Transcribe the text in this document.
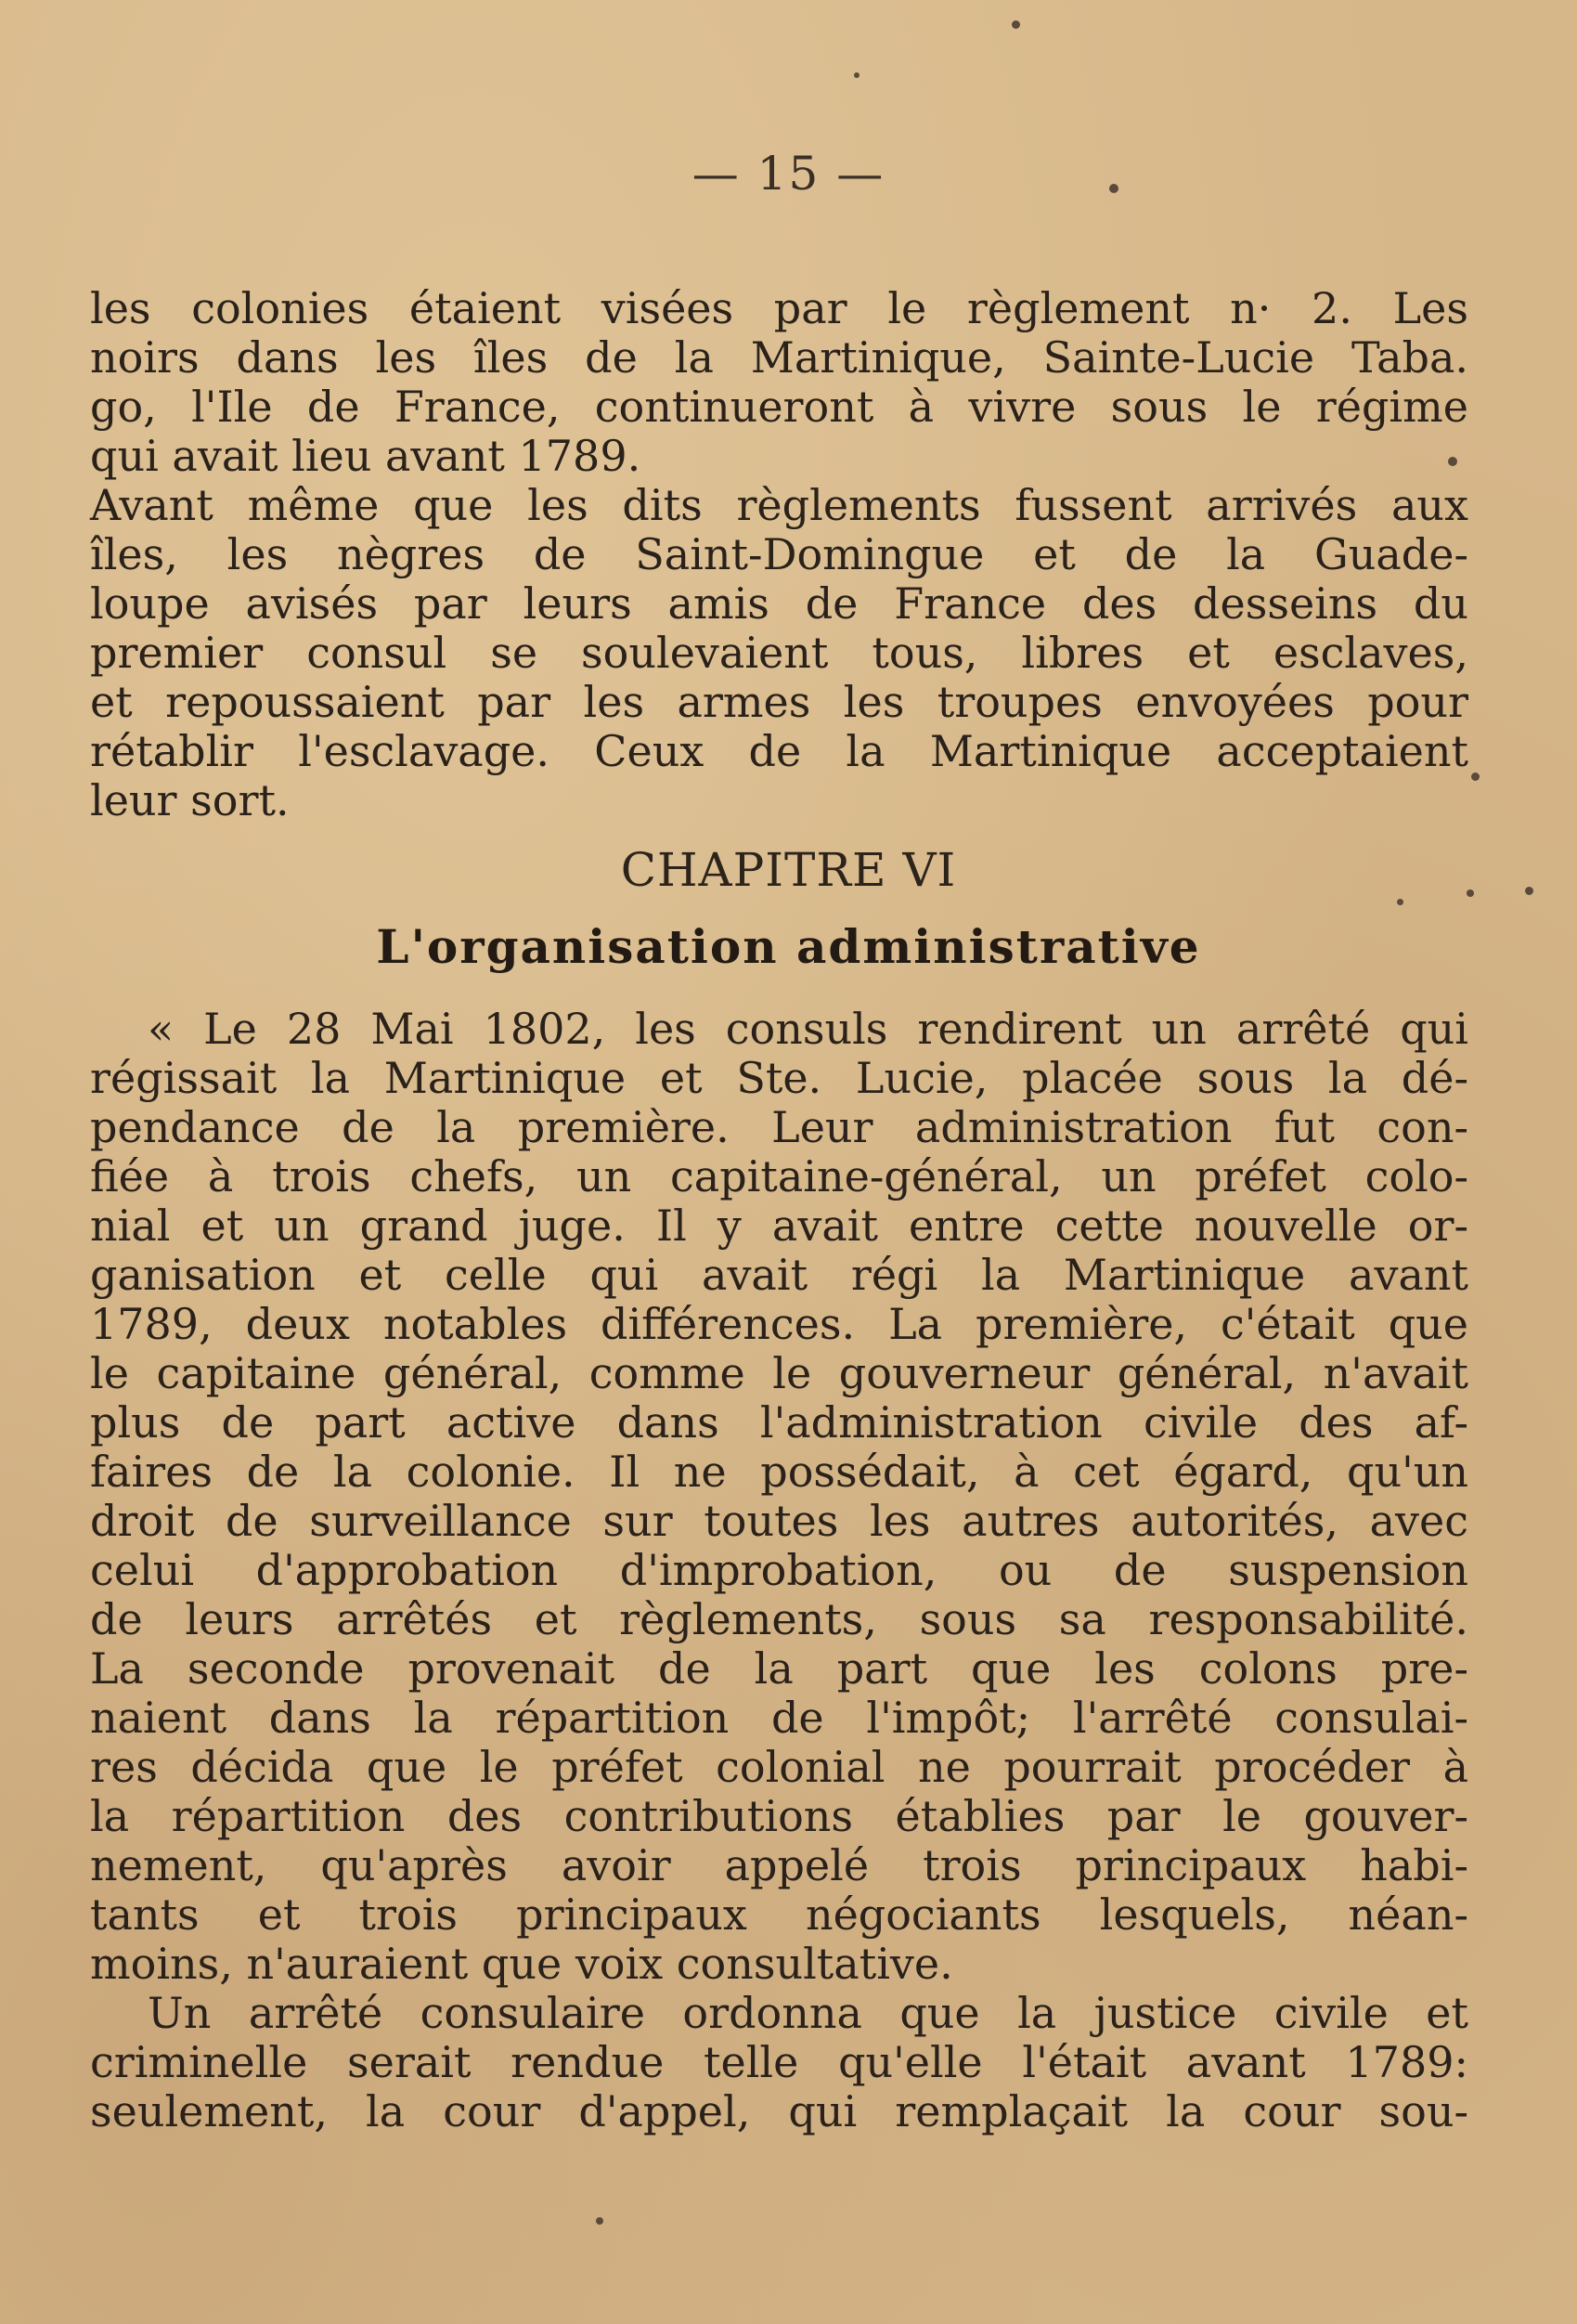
— 15 —
les colonies étaient visées par le règlement n· 2. Les
noirs dans les îles de la Martinique, Sainte-Lucie Taba.
go, l'Ile de France, continueront à vivre sous le régime
qui avait lieu avant 1789.
Avant même que les dits règlements fussent arrivés aux
îles, les nègres de Saint-Domingue et de la Guade-
loupe avisés par leurs amis de France des desseins du
premier consul se soulevaient tous, libres et esclaves,
et repoussaient par les armes les troupes envoyées pour
rétablir l'esclavage. Ceux de la Martinique acceptaient
leur sort.
CHAPITRE VI
L'organisation administrative
« Le 28 Mai 1802, les consuls rendirent un arrêté qui
régissait la Martinique et Ste. Lucie, placée sous la dé-
pendance de la première. Leur administration fut con-
fiée à trois chefs, un capitaine-général, un préfet colo-
nial et un grand juge. Il y avait entre cette nouvelle or-
ganisation et celle qui avait régi la Martinique avant
1789, deux notables différences. La première, c'était que
le capitaine général, comme le gouverneur général, n'avait
plus de part active dans l'administration civile des af-
faires de la colonie. Il ne possédait, à cet égard, qu'un
droit de surveillance sur toutes les autres autorités, avec
celui d'approbation d'improbation, ou de suspension
de leurs arrêtés et règlements, sous sa responsabilité.
La seconde provenait de la part que les colons pre-
naient dans la répartition de l'impôt; l'arrêté consulai-
res décida que le préfet colonial ne pourrait procéder à
la répartition des contributions établies par le gouver-
nement, qu'après avoir appelé trois principaux habi-
tants et trois principaux négociants lesquels, néan-
moins, n'auraient que voix consultative.
Un arrêté consulaire ordonna que la justice civile et
criminelle serait rendue telle qu'elle l'était avant 1789:
seulement, la cour d'appel, qui remplaçait la cour sou-
